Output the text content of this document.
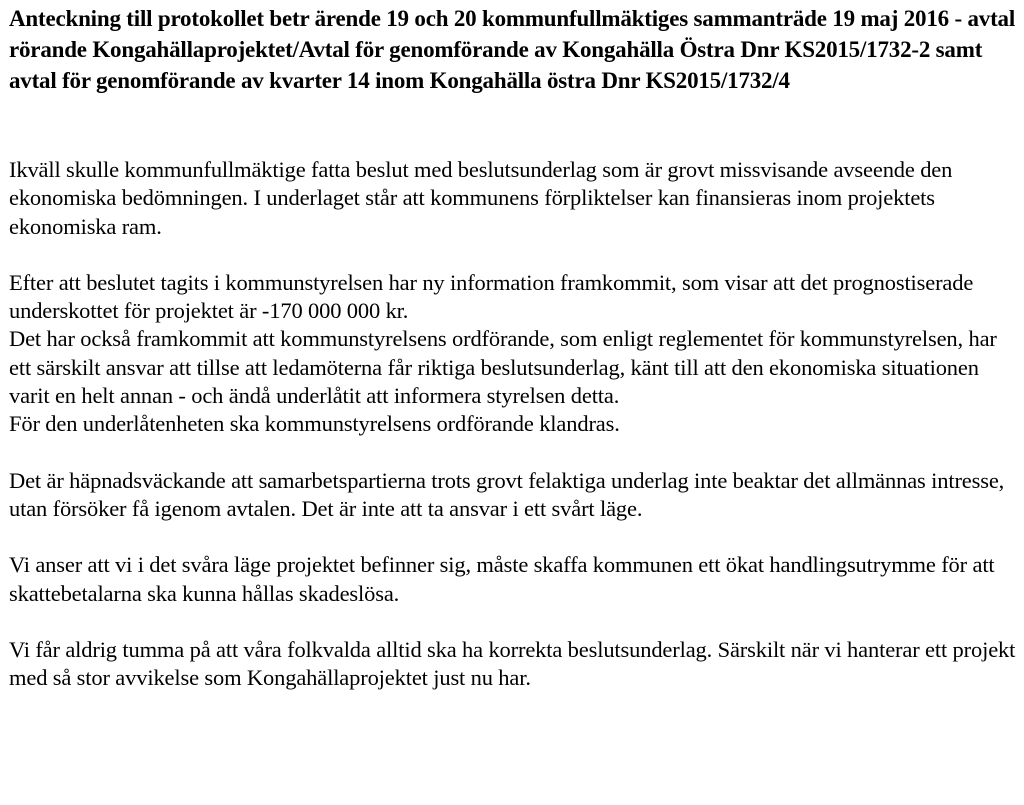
Anteckning till protokollet betr ärende 19 och 20 kommunfullmäktiges sammanträde 19 maj 2016 - avtal rörande Kongahällaprojektet/Avtal för genomförande av Kongahälla Östra Dnr KS2015/1732-2 samt avtal för genomförande av kvarter 14 inom Kongahälla östra Dnr KS2015/1732/4

Ikväll skulle kommunfullmäktige fatta beslut med beslutsunderlag som är grovt missvisande avseende den ekonomiska bedömningen. I underlaget står att kommunens förpliktelser kan finansieras inom projektets ekonomiska ram.

Efter att beslutet tagits i kommunstyrelsen har ny information framkommit, som visar att det prognostiserade underskottet för projektet är -170 000 000 kr.

Det har också framkommit att kommunstyrelsens ordförande, som enligt reglementet för kommunstyrelsen, har ett särskilt ansvar att tillse att ledamöterna får riktiga beslutsunderlag, känt till att den ekonomiska situationen varit en helt annan - och ändå underlåtit att informera styrelsen detta.

För den underlåtenheten ska kommunstyrelsens ordförande klandras.

Det är häpnadsväckande att samarbetspartierna trots grovt felaktiga underlag inte beaktar det allmännas intresse, utan försöker få igenom avtalen. Det är inte att ta ansvar i ett svårt läge.

Vi anser att vi i det svåra läge projektet befinner sig, måste skaffa kommunen ett ökat handlingsutrymme för att skattebetalarna ska kunna hållas skadeslösa.

Vi får aldrig tumma på att våra folkvalda alltid ska ha korrekta beslutsunderlag. Särskilt när vi hanterar ett projekt med så stor avvikelse som Kongahällaprojektet just nu har.
